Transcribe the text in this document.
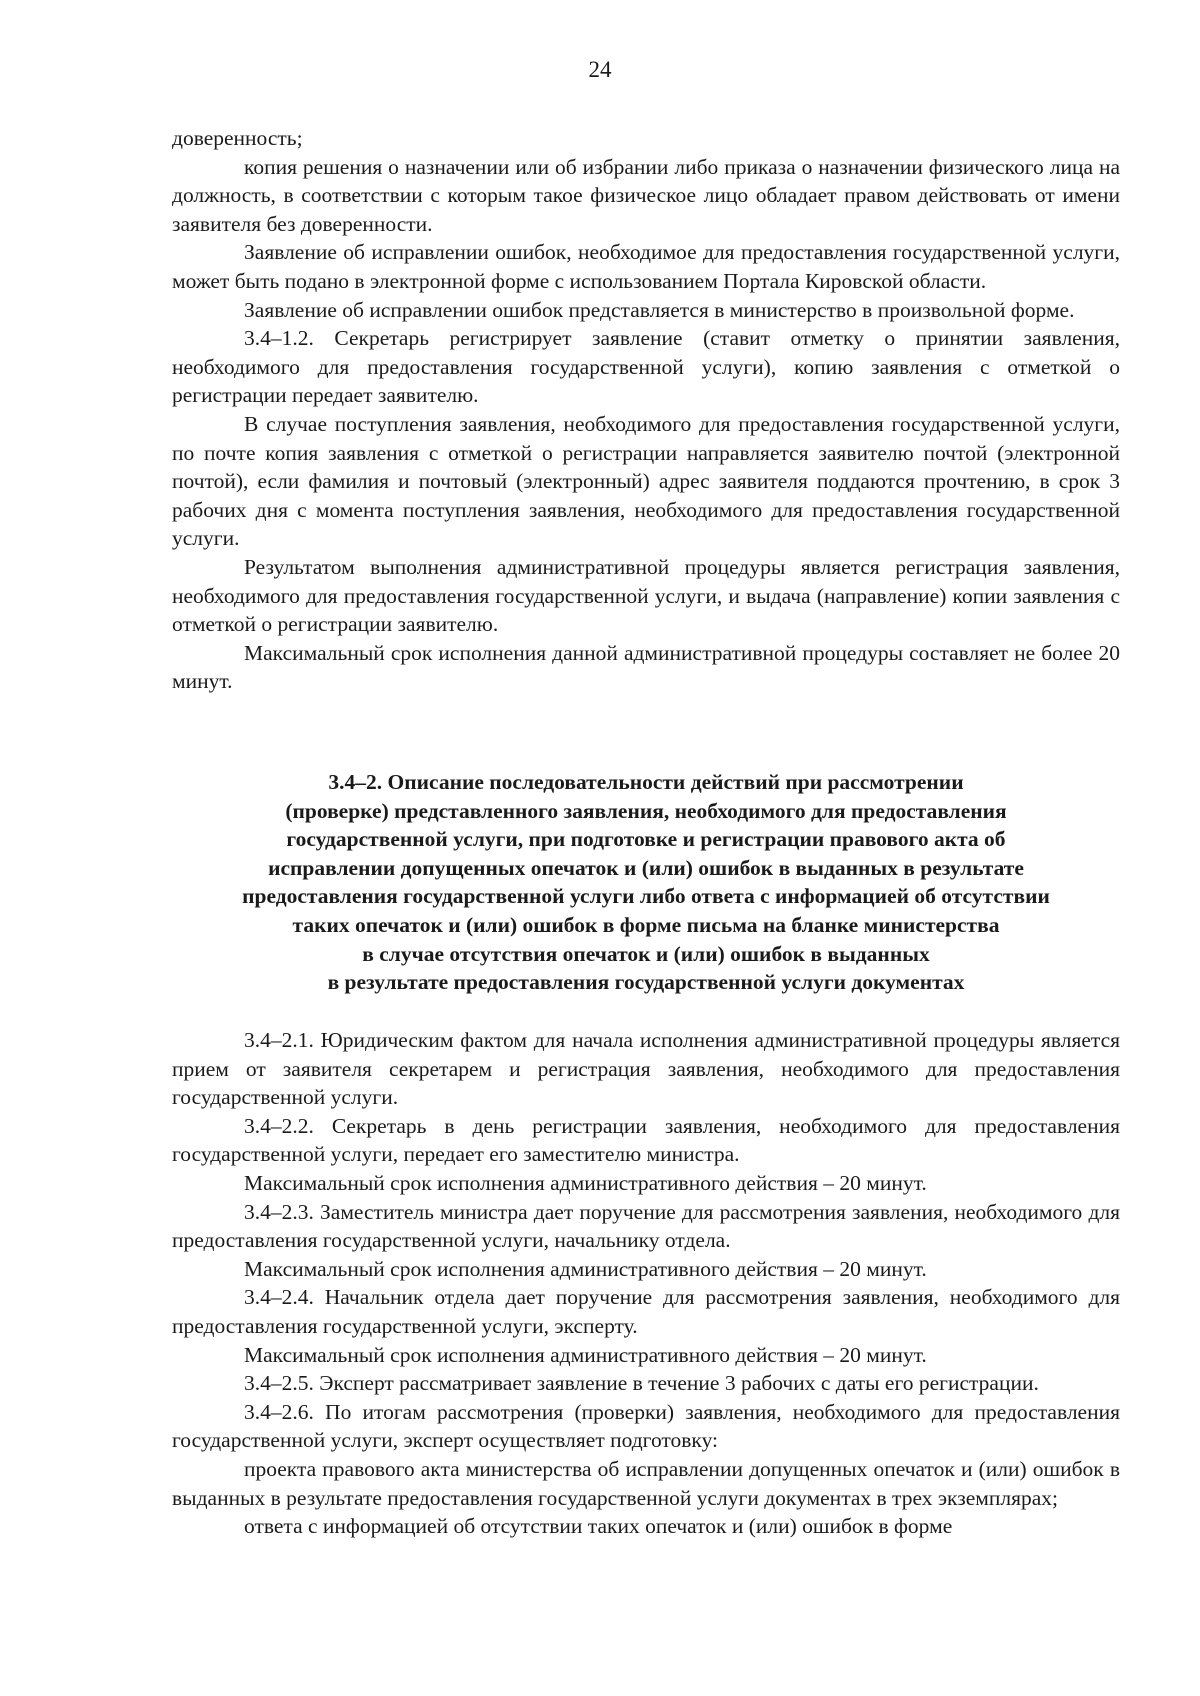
24

доверенность;

копия решения о назначении или об избрании либо приказа о назначении физического лица на должность, в соответствии с которым такое физическое лицо обладает правом действовать от имени заявителя без доверенности.

Заявление об исправлении ошибок, необходимое для предоставления государственной услуги, может быть подано в электронной форме с использованием Портала Кировской области.

Заявление об исправлении ошибок представляется в министерство в произвольной форме.

3.4–1.2. Секретарь регистрирует заявление (ставит отметку о принятии заявления, необходимого для предоставления государственной услуги), копию заявления с отметкой о регистрации передает заявителю.

В случае поступления заявления, необходимого для предоставления государственной услуги, по почте копия заявления с отметкой о регистрации направляется заявителю почтой (электронной почтой), если фамилия и почтовый (электронный) адрес заявителя поддаются прочтению, в срок 3 рабочих дня с момента поступления заявления, необходимого для предоставления государственной услуги.

Результатом выполнения административной процедуры является регистрация заявления, необходимого для предоставления государственной услуги, и выдача (направление) копии заявления с отметкой о регистрации заявителю.

Максимальный срок исполнения данной административной процедуры составляет не более 20 минут.

3.4–2. Описание последовательности действий при рассмотрении
(проверке) представленного заявления, необходимого для предоставления
государственной услуги, при подготовке и регистрации правового акта об
исправлении допущенных опечаток и (или) ошибок в выданных в результате
предоставления государственной услуги либо ответа с информацией об отсутствии
таких опечаток и (или) ошибок в форме письма на бланке министерства
в случае отсутствия опечаток и (или) ошибок в выданных
в результате предоставления государственной услуги документах

3.4–2.1. Юридическим фактом для начала исполнения административной процедуры является прием от заявителя секретарем и регистрация заявления, необходимого для предоставления государственной услуги.

3.4–2.2. Секретарь в день регистрации заявления, необходимого для предоставления государственной услуги, передает его заместителю министра.

Максимальный срок исполнения административного действия – 20 минут.

3.4–2.3. Заместитель министра дает поручение для рассмотрения заявления, необходимого для предоставления государственной услуги, начальнику отдела.

Максимальный срок исполнения административного действия – 20 минут.

3.4–2.4. Начальник отдела дает поручение для рассмотрения заявления, необходимого для предоставления государственной услуги, эксперту.

Максимальный срок исполнения административного действия – 20 минут.

3.4–2.5. Эксперт рассматривает заявление в течение 3 рабочих с даты его регистрации.

3.4–2.6. По итогам рассмотрения (проверки) заявления, необходимого для предоставления государственной услуги, эксперт осуществляет подготовку:

проекта правового акта министерства об исправлении допущенных опечаток и (или) ошибок в выданных в результате предоставления государственной услуги документах в трех экземплярах;

ответа с информацией об отсутствии таких опечаток и (или) ошибок в форме
